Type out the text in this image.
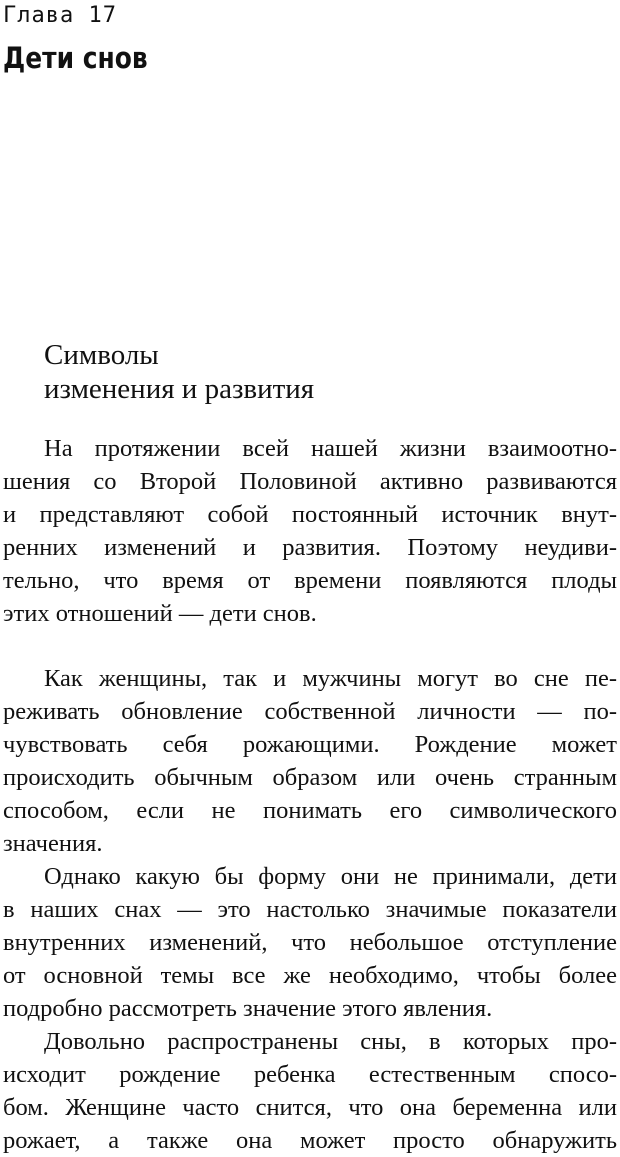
Глава 17
Дети снов
Символы
изменения и развития
На протяжении всей нашей жизни взаимоотно-
шения со Второй Половиной активно развиваются
и представляют собой постоянный источник внут-
ренних изменений и развития. Поэтому неудиви-
тельно, что время от времени появляются плоды
этих отношений — дети снов.
Как женщины, так и мужчины могут во сне пе-
реживать обновление собственной личности — по-
чувствовать себя рожающими. Рождение может
происходить обычным образом или очень странным
способом, если не понимать его символического
значения.
Однако какую бы форму они не принимали, дети
в наших снах — это настолько значимые показатели
внутренних изменений, что небольшое отступление
от основной темы все же необходимо, чтобы более
подробно рассмотреть значение этого явления.
Довольно распространены сны, в которых про-
исходит рождение ребенка естественным спосо-
бом. Женщине часто снится, что она беременна или
рожает, а также она может просто обнаружить
